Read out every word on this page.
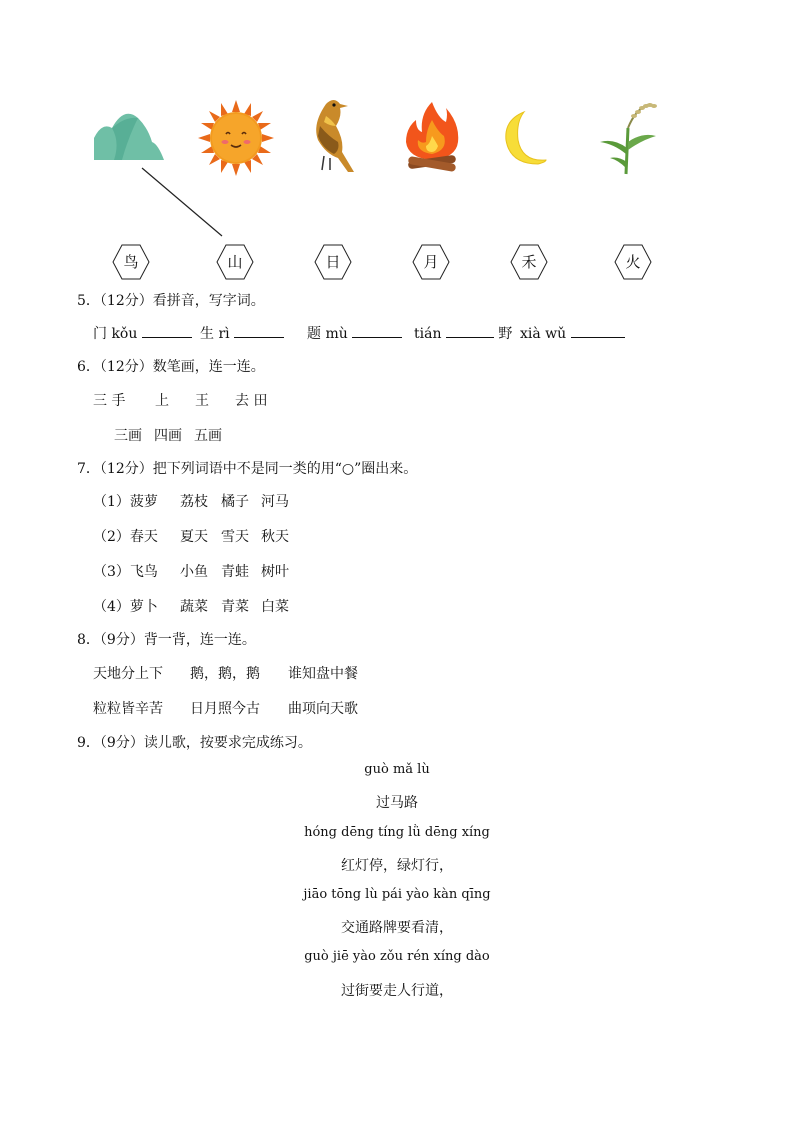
鸟	山	日	月	禾	火
5．（12分）看拼音，写字词。
门 kǒu	生 rì	题 mù	tián	野 xià wǔ
6．（12分）数笔画，连一连。
三 手 上 王 去 田
三画 四画 五画
7．（12分）把下列词语中不是同一类的用“○”圈出来。
（1）菠萝 荔枝 橘子 河马
（2）春天 夏天 雪天 秋天
（3）飞鸟 小鱼 青蛙 树叶
（4）萝卜 蔬菜 青菜 白菜
8．（9分）背一背，连一连。
天地分上下 鹅，鹅，鹅 谁知盘中餐
粒粒皆辛苦 日月照今古 曲项向天歌
9．（9分）读儿歌，按要求完成练习。
guò mǎ lù
过马路
hóng dēng tíng lǜ dēng xíng
红灯停，绿灯行，
jiāo tōng lù pái yào kàn qīng
交通路牌要看清，
guò jiē yào zǒu rén xíng dào
过街要走人行道，
